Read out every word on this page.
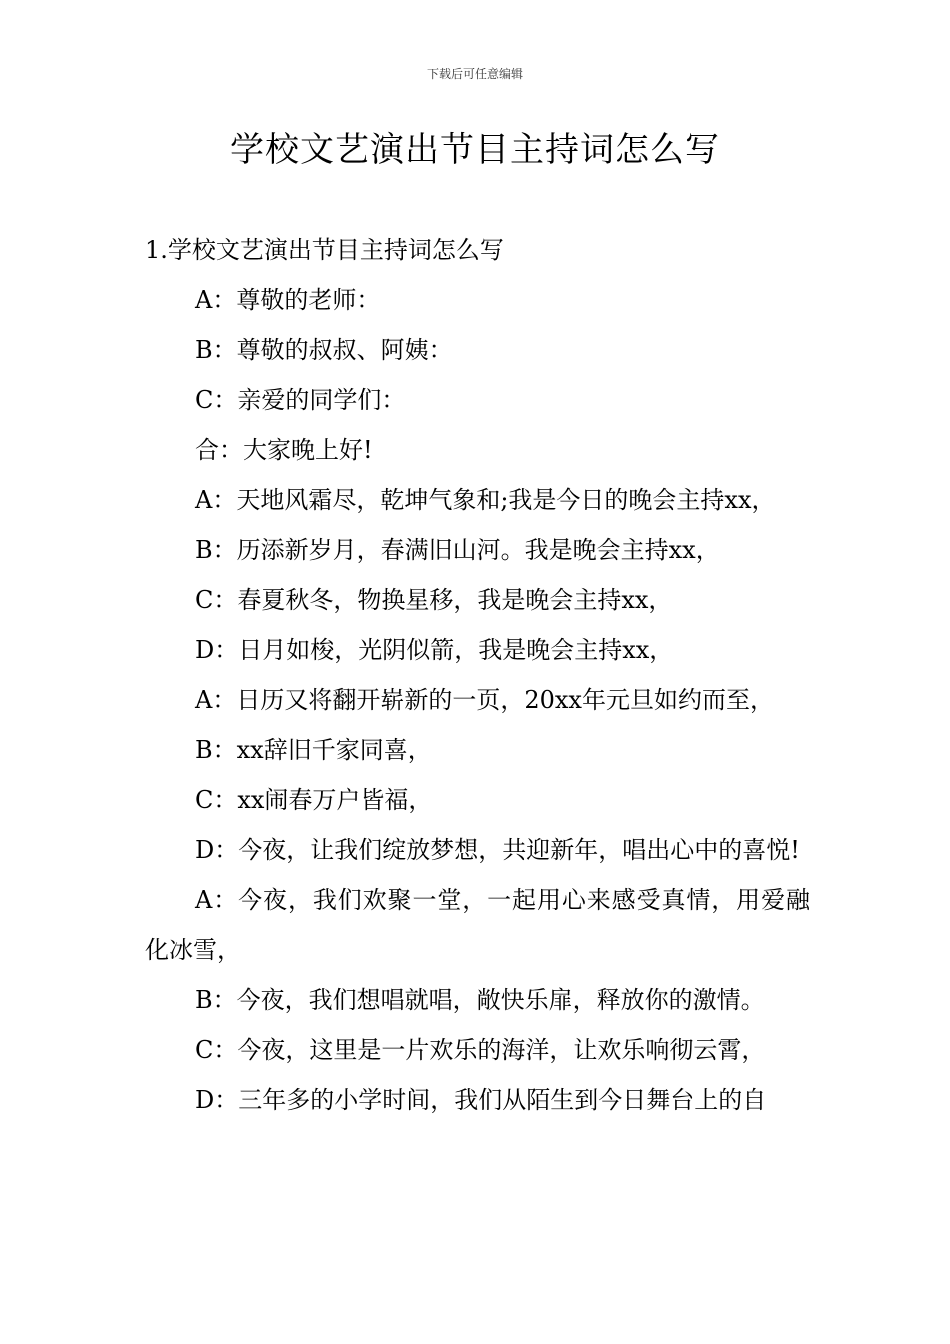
下载后可任意编辑
学校文艺演出节目主持词怎么写

1.学校文艺演出节目主持词怎么写

A：尊敬的老师：

B：尊敬的叔叔、阿姨：

C：亲爱的同学们：

合：大家晚上好!

A：天地风霜尽，乾坤气象和;我是今日的晚会主持xx，

B：历添新岁月，春满旧山河。我是晚会主持xx，

C：春夏秋冬，物换星移，我是晚会主持xx，

D：日月如梭，光阴似箭，我是晚会主持xx，

A：日历又将翻开崭新的一页，20xx年元旦如约而至，

B：xx辞旧千家同喜，

C：xx闹春万户皆福，

D：今夜，让我们绽放梦想，共迎新年，唱出心中的喜悦!

A：今夜，我们欢聚一堂，一起用心来感受真情，用爱融化冰雪，

B：今夜，我们想唱就唱，敞快乐扉，释放你的激情。

C：今夜，这里是一片欢乐的海洋，让欢乐响彻云霄，

D：三年多的小学时间，我们从陌生到今日舞台上的自
